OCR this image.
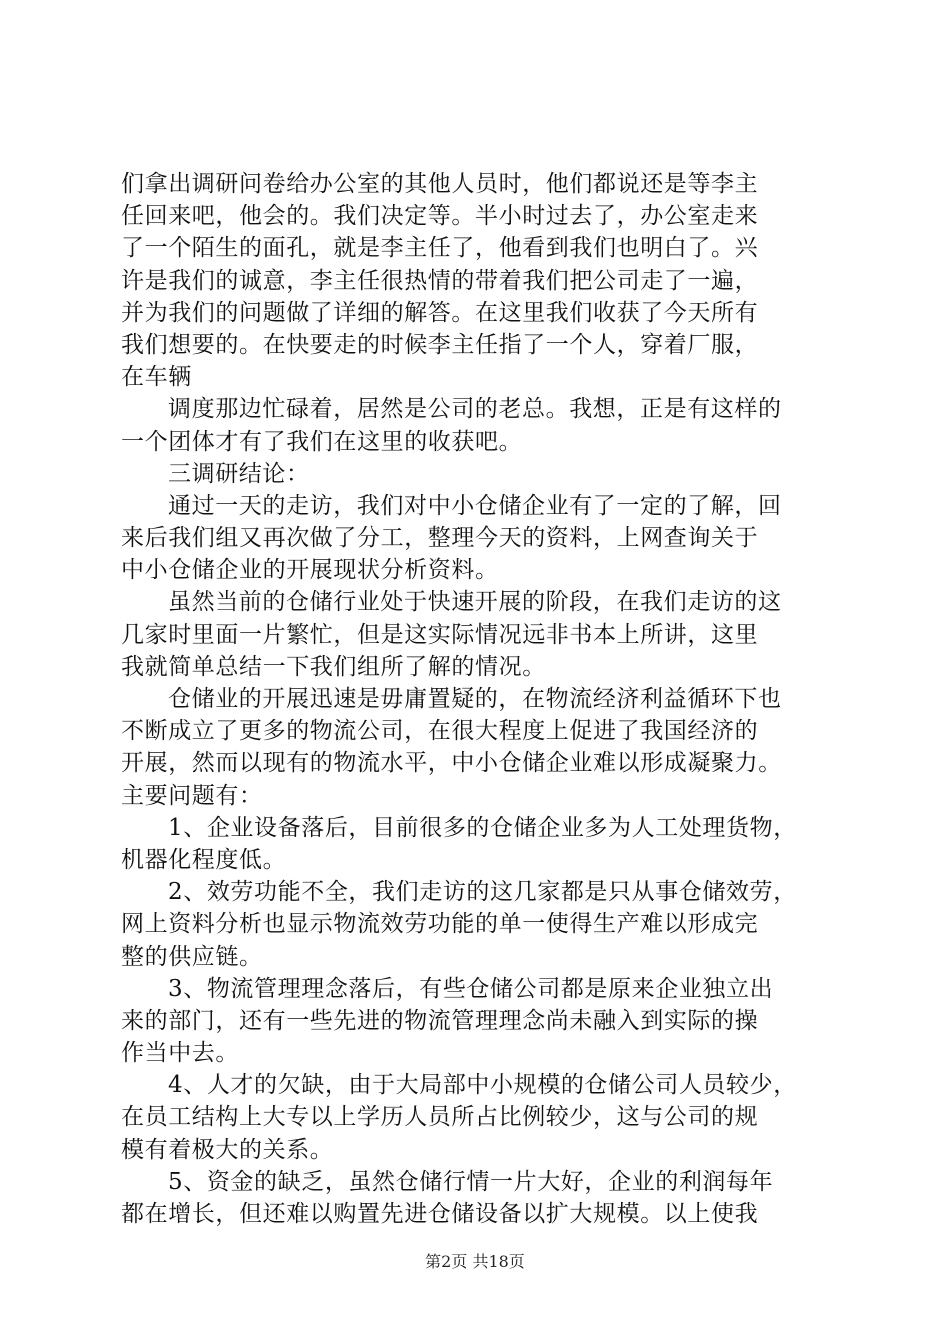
们拿出调研问卷给办公室的其他人员时，他们都说还是等李主
任回来吧，他会的。我们决定等。半小时过去了，办公室走来
了一个陌生的面孔，就是李主任了，他看到我们也明白了。兴
许是我们的诚意，李主任很热情的带着我们把公司走了一遍，
并为我们的问题做了详细的解答。在这里我们收获了今天所有
我们想要的。在快要走的时候李主任指了一个人，穿着厂服，
在车辆
调度那边忙碌着，居然是公司的老总。我想，正是有这样的
一个团体才有了我们在这里的收获吧。
三调研结论：
通过一天的走访，我们对中小仓储企业有了一定的了解，回
来后我们组又再次做了分工，整理今天的资料，上网查询关于
中小仓储企业的开展现状分析资料。
虽然当前的仓储行业处于快速开展的阶段，在我们走访的这
几家时里面一片繁忙，但是这实际情况远非书本上所讲，这里
我就简单总结一下我们组所了解的情况。
仓储业的开展迅速是毋庸置疑的，在物流经济利益循环下也
不断成立了更多的物流公司，在很大程度上促进了我国经济的
开展，然而以现有的物流水平，中小仓储企业难以形成凝聚力。
主要问题有：
1、企业设备落后，目前很多的仓储企业多为人工处理货物，
机器化程度低。
2、效劳功能不全，我们走访的这几家都是只从事仓储效劳，
网上资料分析也显示物流效劳功能的单一使得生产难以形成完
整的供应链。
3、物流管理理念落后，有些仓储公司都是原来企业独立出
来的部门，还有一些先进的物流管理理念尚未融入到实际的操
作当中去。
4、人才的欠缺，由于大局部中小规模的仓储公司人员较少，
在员工结构上大专以上学历人员所占比例较少，这与公司的规
模有着极大的关系。
5、资金的缺乏，虽然仓储行情一片大好，企业的利润每年
都在增长，但还难以购置先进仓储设备以扩大规模。以上使我
第2页 共18页
